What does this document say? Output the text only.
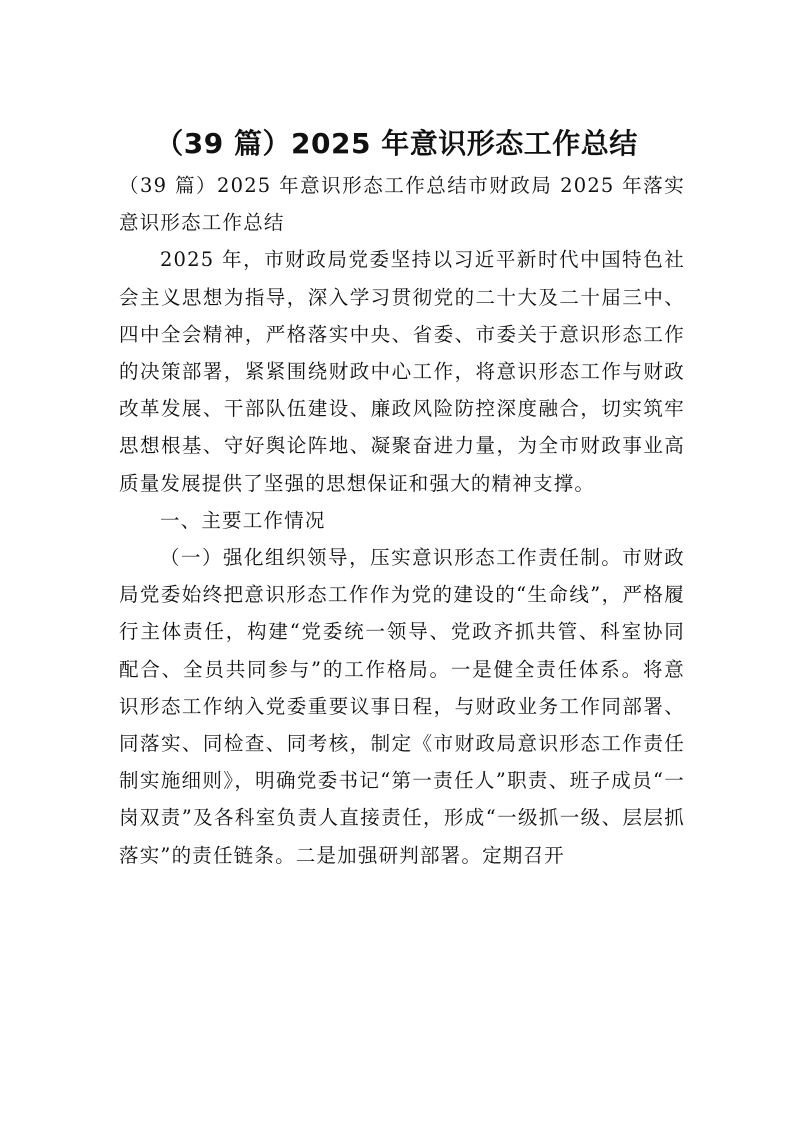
（39 篇）2025 年意识形态工作总结

（39 篇）2025 年意识形态工作总结市财政局 2025 年落实意识形态工作总结

2025 年，市财政局党委坚持以习近平新时代中国特色社会主义思想为指导，深入学习贯彻党的二十大及二十届三中、四中全会精神，严格落实中央、省委、市委关于意识形态工作的决策部署，紧紧围绕财政中心工作，将意识形态工作与财政改革发展、干部队伍建设、廉政风险防控深度融合，切实筑牢思想根基、守好舆论阵地、凝聚奋进力量，为全市财政事业高质量发展提供了坚强的思想保证和强大的精神支撑。

一、主要工作情况

（一）强化组织领导，压实意识形态工作责任制。市财政局党委始终把意识形态工作作为党的建设的“生命线”，严格履行主体责任，构建“党委统一领导、党政齐抓共管、科室协同配合、全员共同参与”的工作格局。一是健全责任体系。将意识形态工作纳入党委重要议事日程，与财政业务工作同部署、同落实、同检查、同考核，制定《市财政局意识形态工作责任制实施细则》，明确党委书记“第一责任人”职责、班子成员“一岗双责”及各科室负责人直接责任，形成“一级抓一级、层层抓落实”的责任链条。二是加强研判部署。定期召开
